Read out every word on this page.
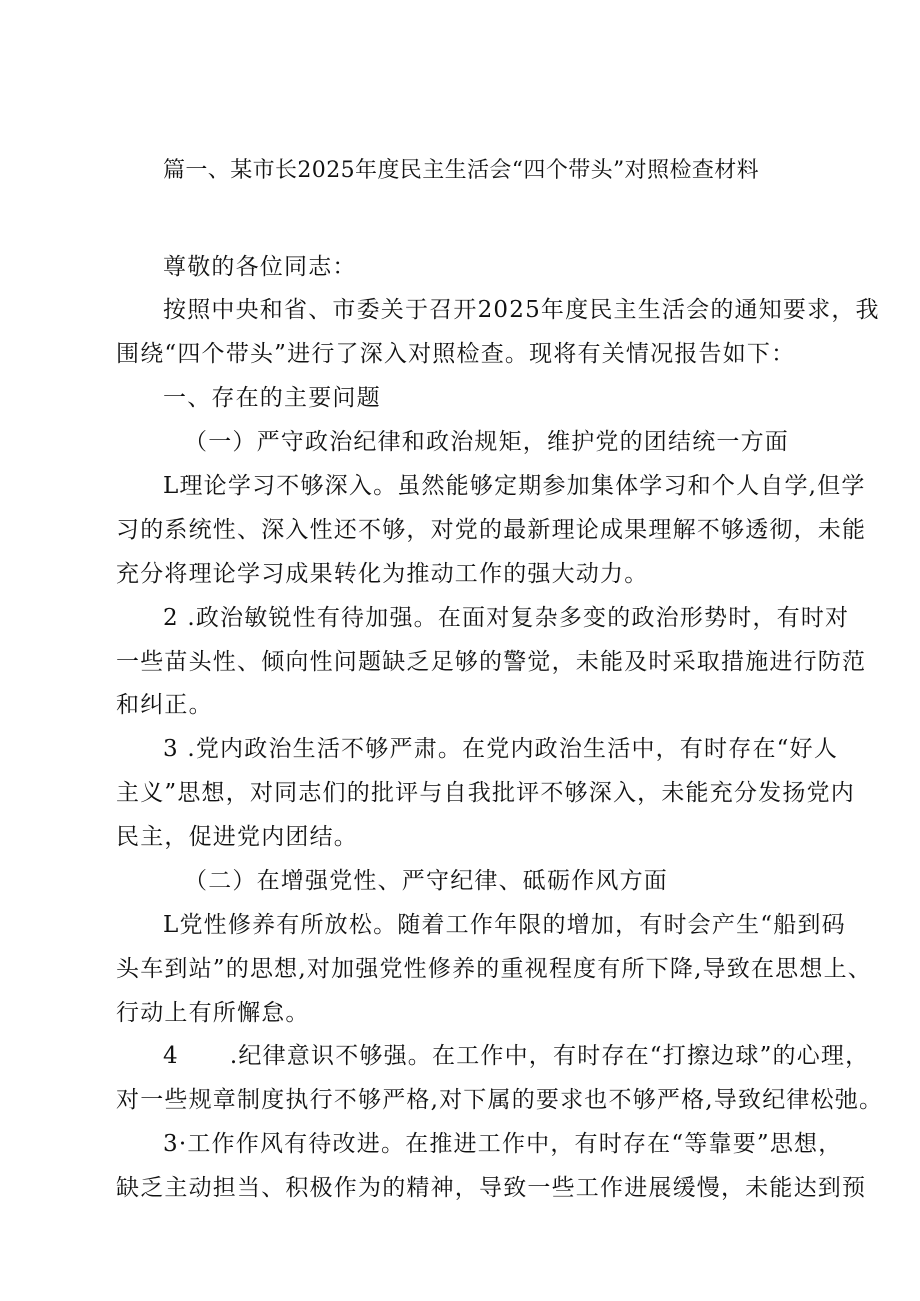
篇一、某市长2025年度民主生活会“四个带头”对照检查材料
尊敬的各位同志：
按照中央和省、市委关于召开2025年度民主生活会的通知要求，我
围绕“四个带头”进行了深入对照检查。现将有关情况报告如下：
一、存在的主要问题
（一）严守政治纪律和政治规矩，维护党的团结统一方面
L理论学习不够深入。虽然能够定期参加集体学习和个人自学,但学
习的系统性、深入性还不够，对党的最新理论成果理解不够透彻，未能
充分将理论学习成果转化为推动工作的强大动力。
2 .政治敏锐性有待加强。在面对复杂多变的政治形势时，有时对
一些苗头性、倾向性问题缺乏足够的警觉，未能及时采取措施进行防范
和纠正。
3 .党内政治生活不够严肃。在党内政治生活中，有时存在“好人
主义”思想，对同志们的批评与自我批评不够深入，未能充分发扬党内
民主，促进党内团结。
（二）在增强党性、严守纪律、砥砺作风方面
L党性修养有所放松。随着工作年限的增加，有时会产生“船到码
头车到站”的思想,对加强党性修养的重视程度有所下降,导致在思想上、
行动上有所懈怠。
4      .纪律意识不够强。在工作中，有时存在“打擦边球”的心理，
对一些规章制度执行不够严格,对下属的要求也不够严格,导致纪律松弛。
3·工作作风有待改进。在推进工作中，有时存在“等靠要”思想，
缺乏主动担当、积极作为的精神，导致一些工作进展缓慢，未能达到预
